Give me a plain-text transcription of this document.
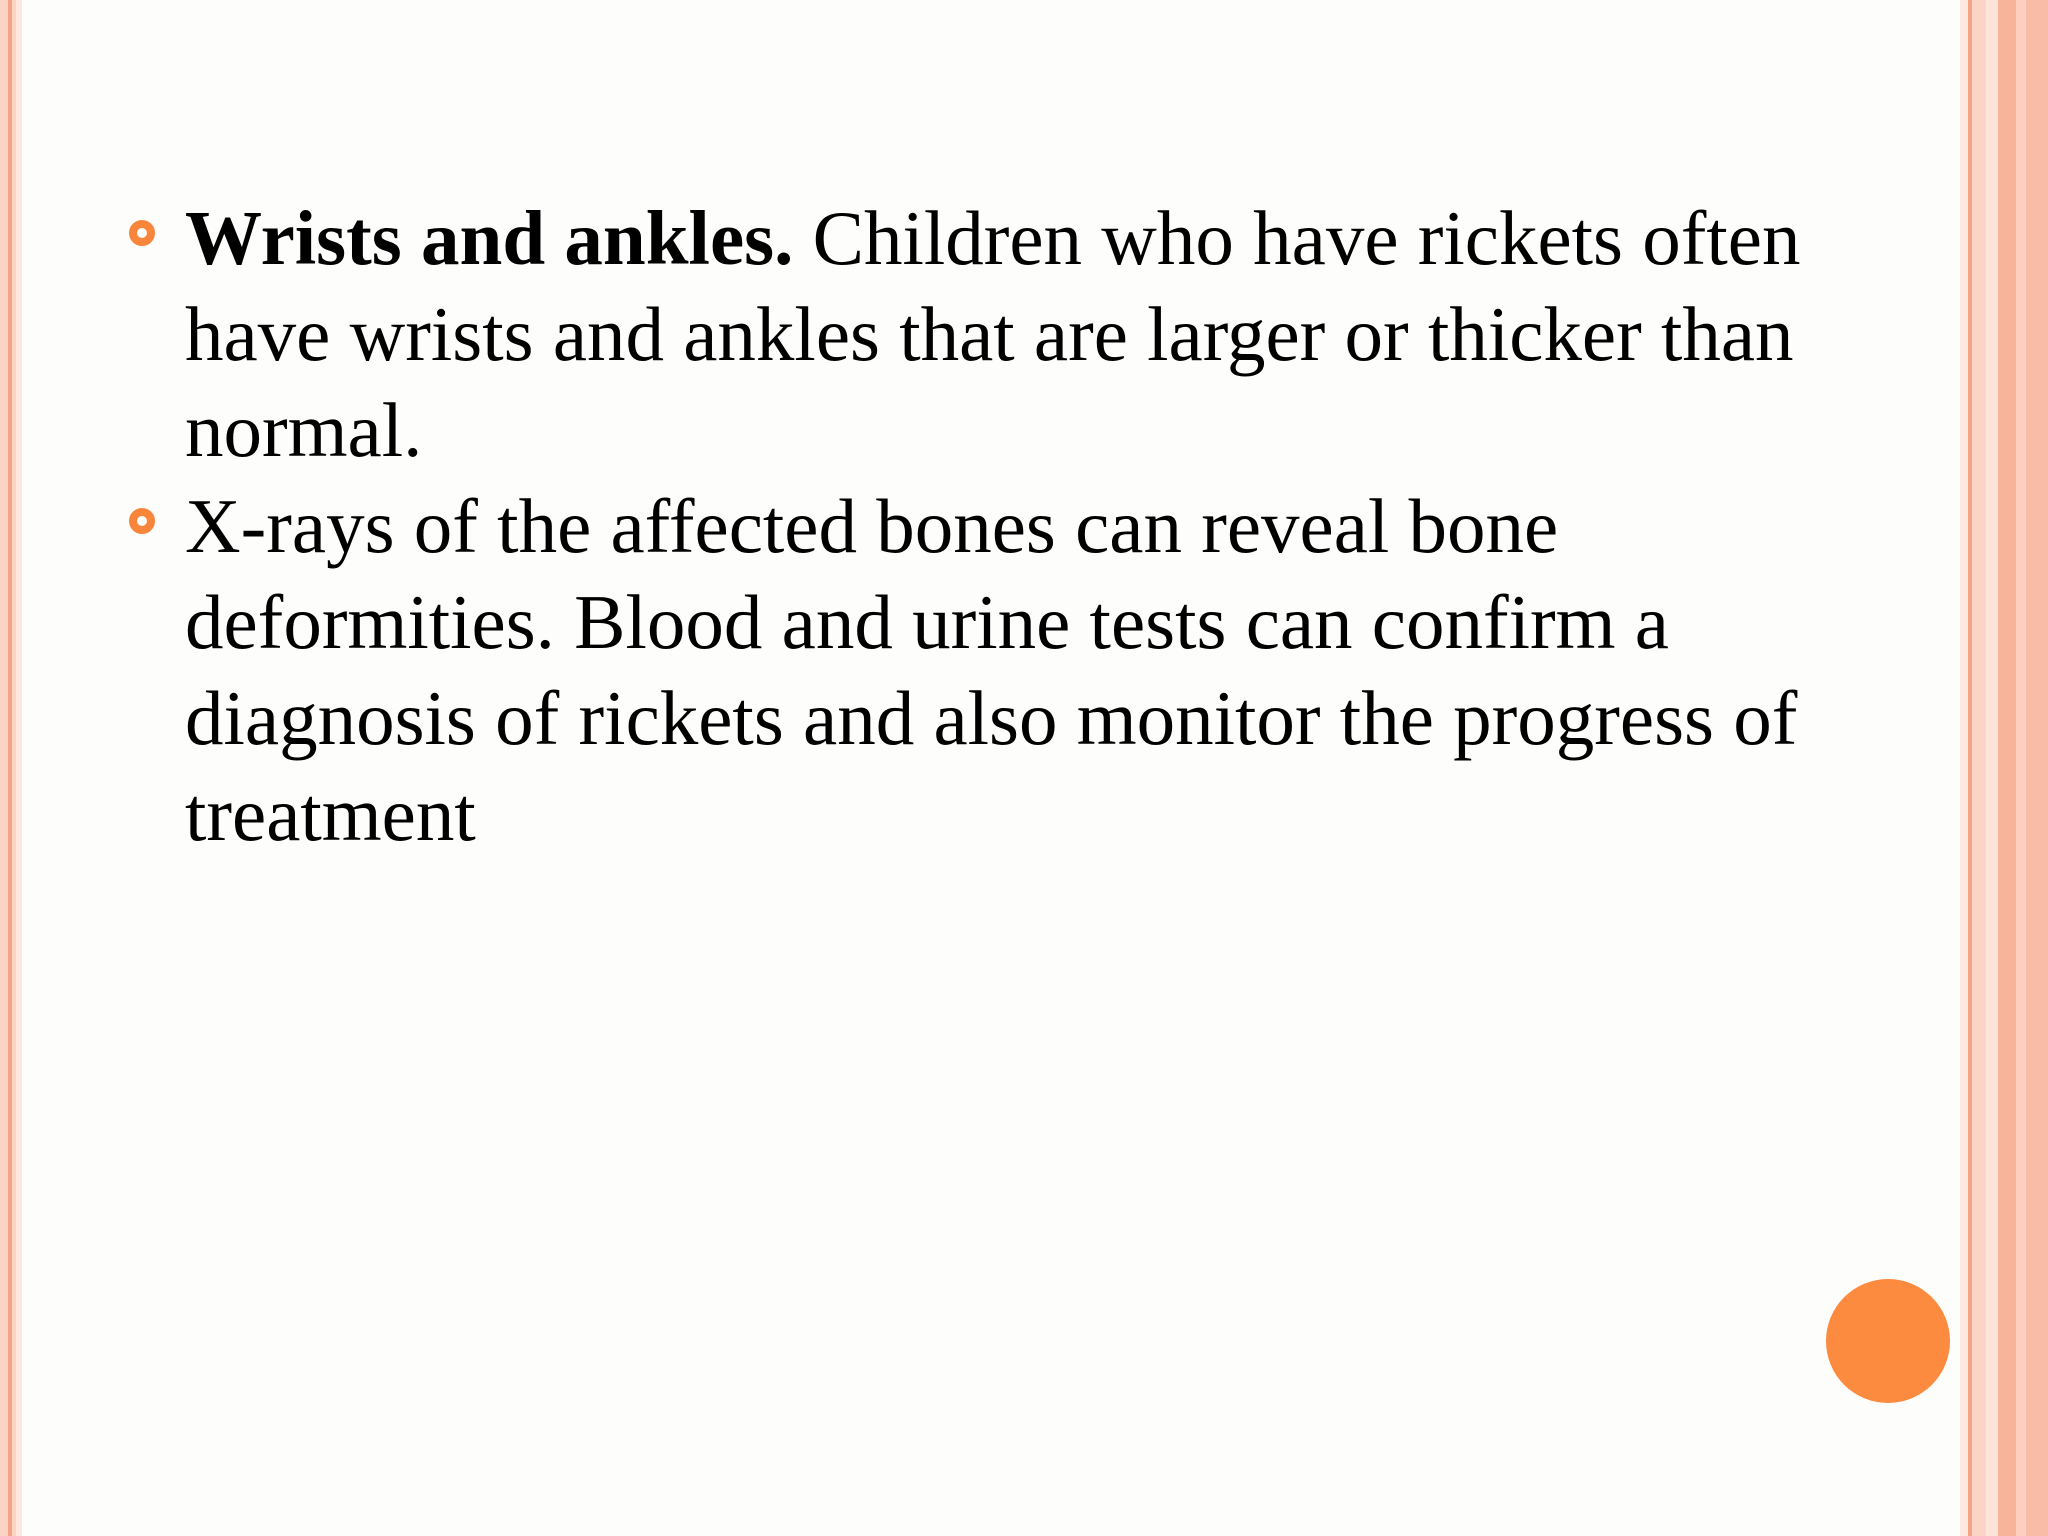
Wrists and ankles. Children who have rickets often have wrists and ankles that are larger or thicker than normal.
X-rays of the affected bones can reveal bone deformities. Blood and urine tests can confirm a diagnosis of rickets and also monitor the progress of treatment
